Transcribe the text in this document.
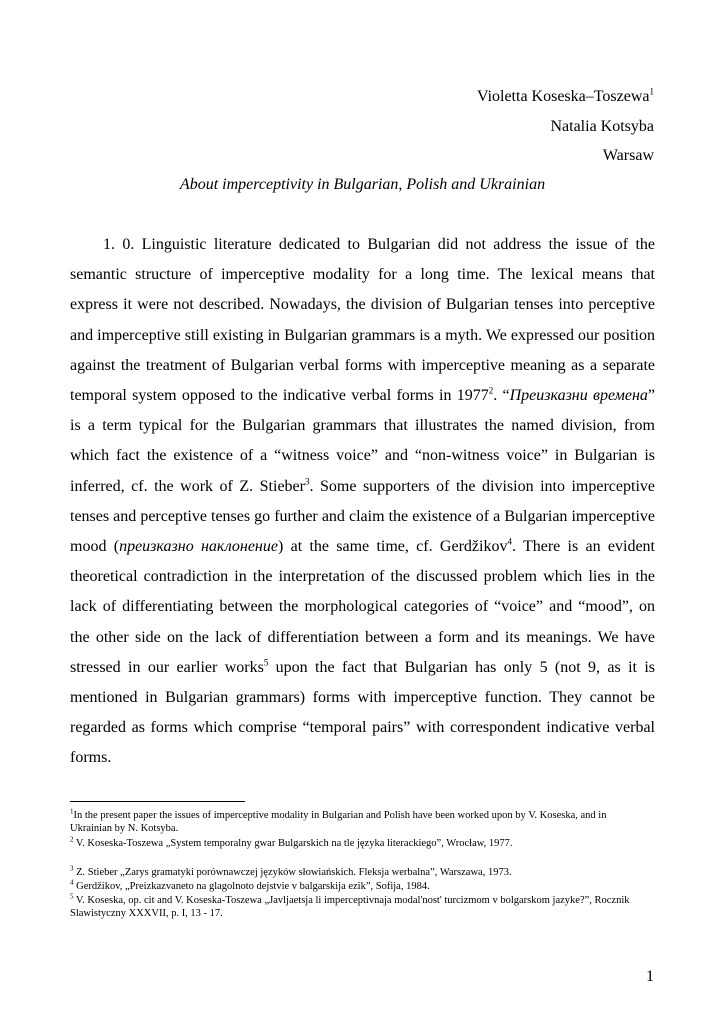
Violetta Koseska–Toszewa$^1$
Natalia Kotsyba
Warsaw
About imperceptivity in Bulgarian, Polish and Ukrainian

1. 0. Linguistic literature dedicated to Bulgarian did not address the issue of the semantic structure of imperceptive modality for a long time. The lexical means that express it were not described. Nowadays, the division of Bulgarian tenses into perceptive and imperceptive still existing in Bulgarian grammars is a myth. We expressed our position against the treatment of Bulgarian verbal forms with imperceptive meaning as a separate temporal system opposed to the indicative verbal forms in 1977$^2$. “Преизказни времена” is a term typical for the Bulgarian grammars that illustrates the named division, from which fact the existence of a “witness voice” and “non-witness voice” in Bulgarian is inferred, cf. the work of Z. Stieber$^3$. Some supporters of the division into imperceptive tenses and perceptive tenses go further and claim the existence of a Bulgarian imperceptive mood (преизказно наклонение) at the same time, cf. Gerdžikov$^4$. There is an evident theoretical contradiction in the interpretation of the discussed problem which lies in the lack of differentiating between the morphological categories of “voice” and “mood”, on the other side on the lack of differentiation between a form and its meanings. We have stressed in our earlier works$^5$ upon the fact that Bulgarian has only 5 (not 9, as it is mentioned in Bulgarian grammars) forms with imperceptive function. They cannot be regarded as forms which comprise “temporal pairs” with correspondent indicative verbal forms.

$^1$In the present paper the issues of imperceptive modality in Bulgarian and Polish have been worked upon by V. Koseska, and in Ukrainian by N. Kotsyba.
$^2$ V. Koseska-Toszewa „System temporalny gwar Bulgarskich na tle języka literackiego”, Wrocław, 1977.
$^3$ Z. Stieber „Zarys gramatyki porównawczej języków słowiańskich. Fleksja werbalna”, Warszawa, 1973.
$^4$ Gerdžikov, „Preizkazvaneto na glagolnoto dejstvie v balgarskija ezik”, Sofija, 1984.
$^5$ V. Koseska, op. cit and V. Koseska-Toszewa „Javljaetsja li imperceptivnaja modal'nost' turcizmom v bolgarskom jazyke?”, Rocznik Slawistyczny XXXVII, p. I, 13 - 17.
1
